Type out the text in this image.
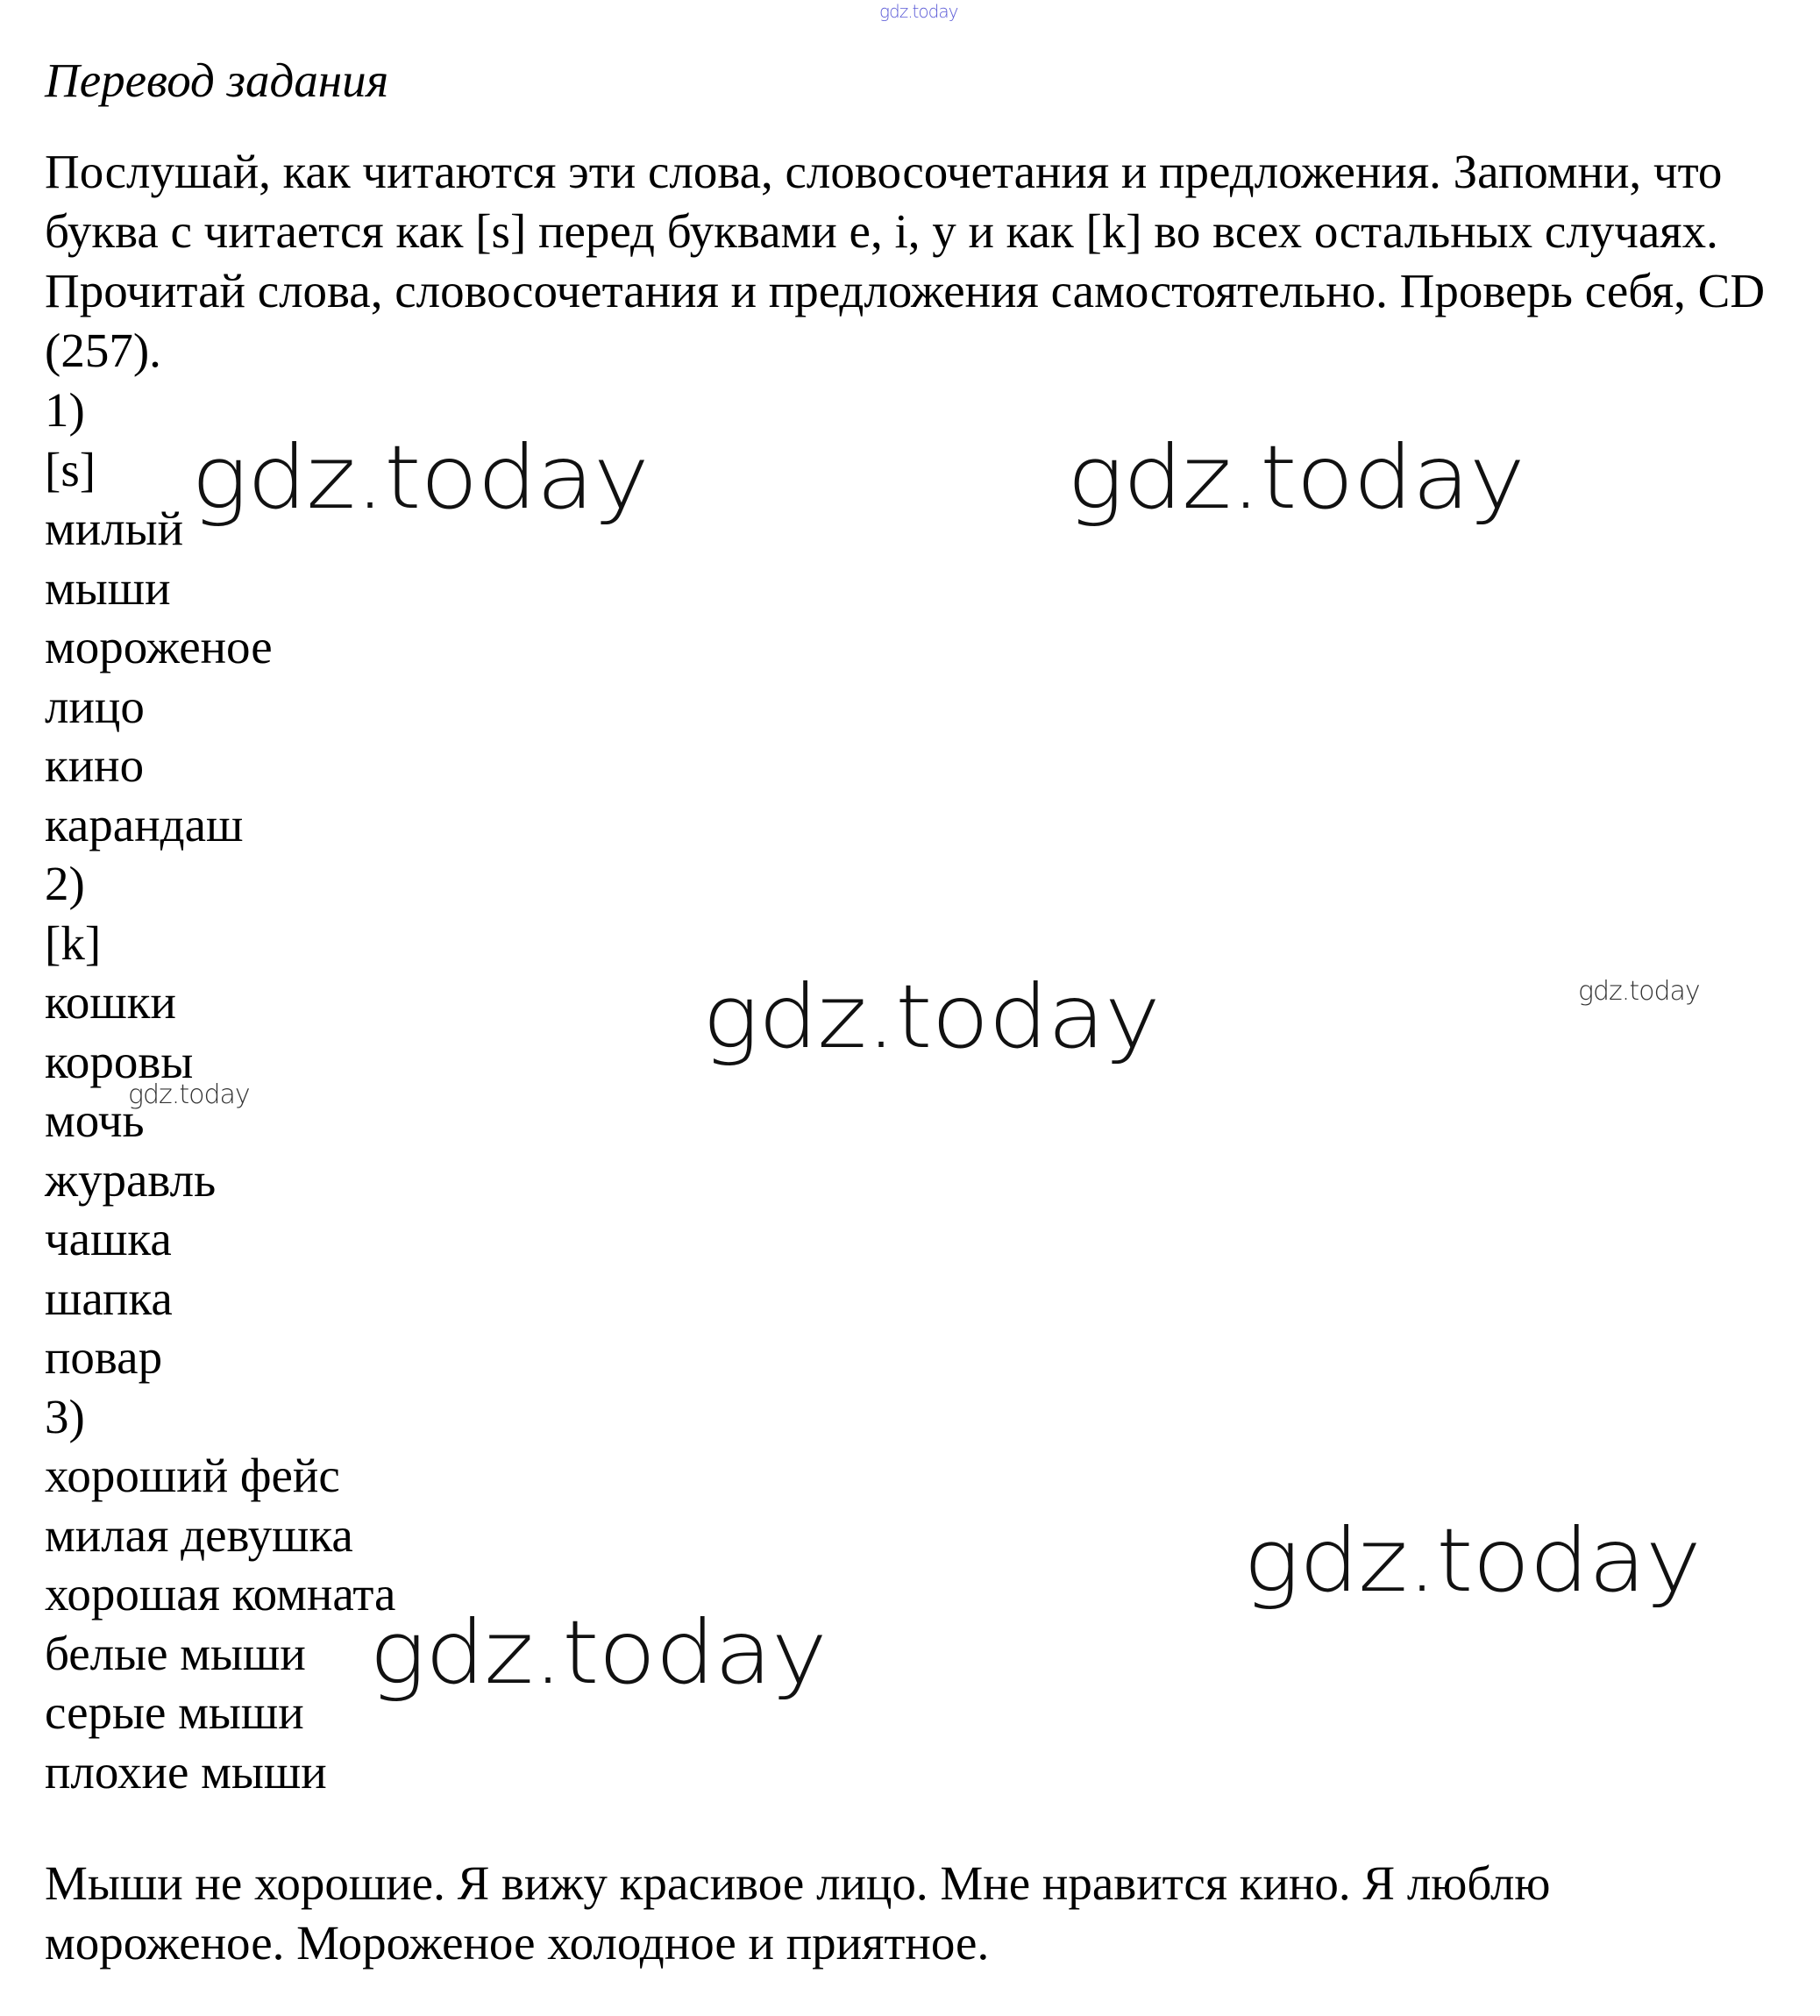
gdz.today
Перевод задания

Послушай, как читаются эти слова, словосочетания и предложения. Запомни, что буква c читается как [s] перед буквами e, i, y и как [k] во всех остальных случаях. Прочитай слова, словосочетания и предложения самостоятельно. Проверь себя, CD (257).

1)
[s]
милый
мыши
мороженое
лицо
кино
карандаш
2)
[k]
кошки
коровы
мочь
журавль
чашка
шапка
повар
3)
хороший фейс
милая девушка
хорошая комната
белые мыши
серые мыши
плохие мыши

Мыши не хорошие. Я вижу красивое лицо. Мне нравится кино. Я люблю мороженое. Мороженое холодное и приятное.

gdz.today	gdz.today
gdz.today
gdz.today
gdz.today
gdz.today
gdz.today
